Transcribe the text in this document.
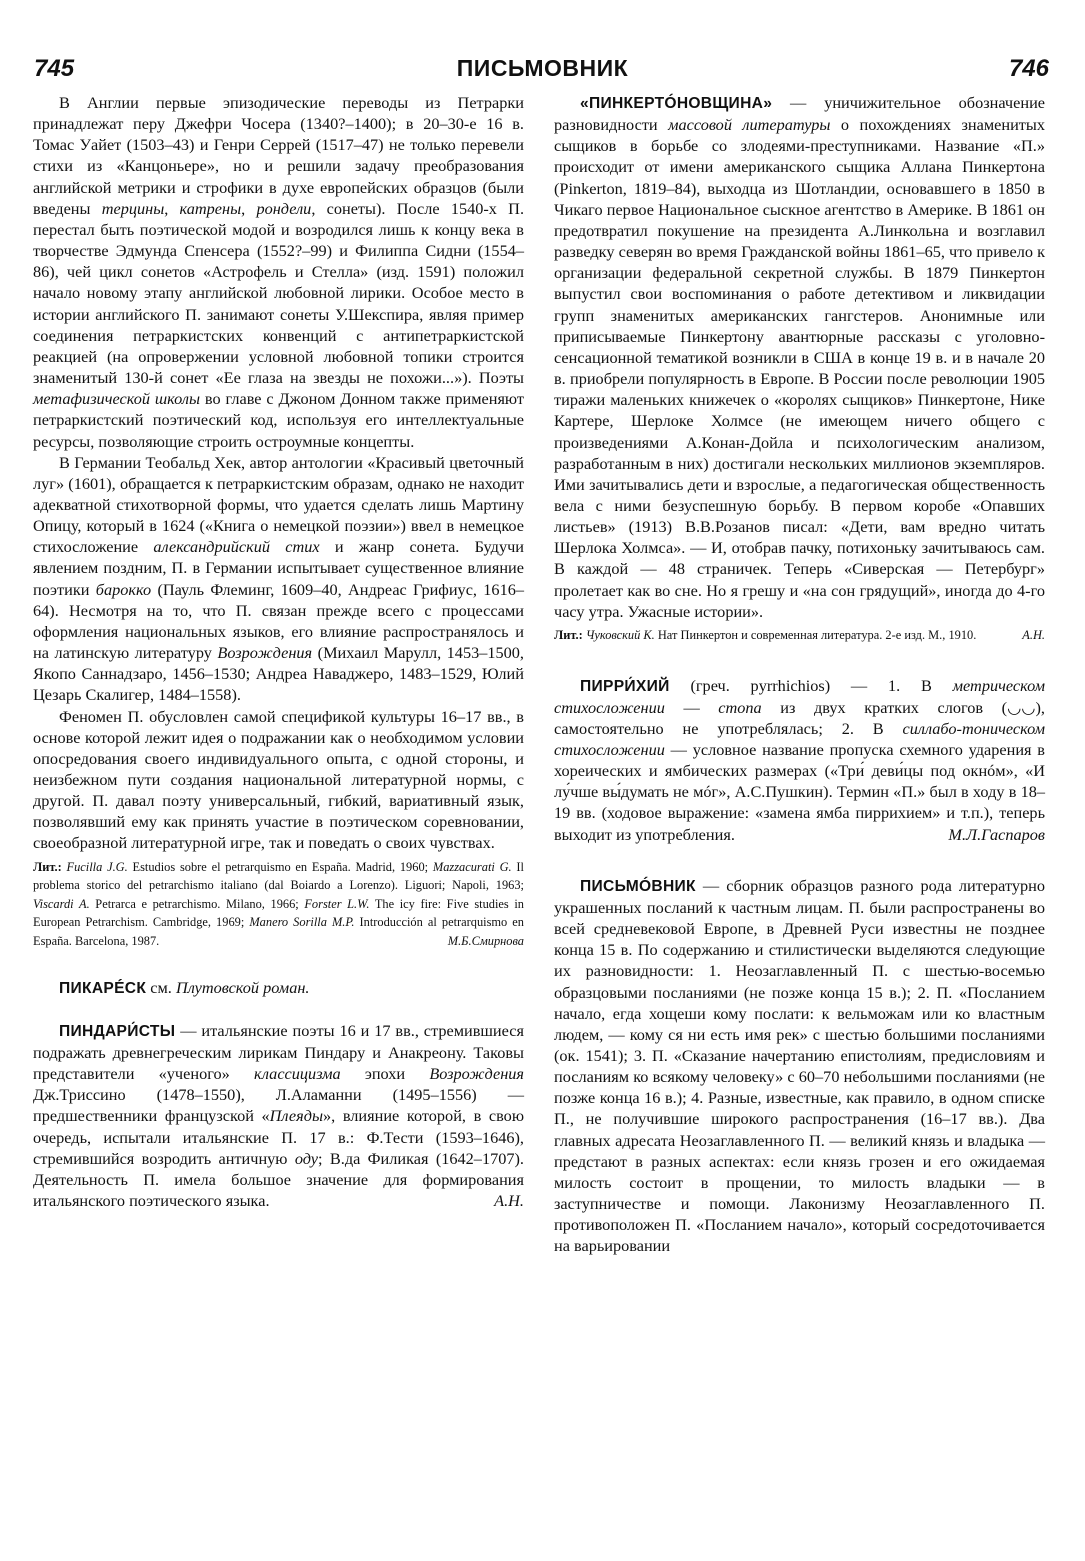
745	ПИСЬМОВНИК	746

В Англии первые эпизодические переводы из Петрарки принадлежат перу Джефри Чосера (1340?–1400); в 20–30-е 16 в. Томас Уайет (1503–43) и Генри Серрей (1517–47) не только перевели стихи из «Канцоньере», но и решили задачу преобразования английской метрики и строфики в духе европейских образцов (были введены терцины, катрены, рондели, сонеты). После 1540-х П. перестал быть поэтической модой и возродился лишь к концу века в творчестве Эдмунда Спенсера (1552?–99) и Филиппа Сидни (1554–86), чей цикл сонетов «Астрофель и Стелла» (изд. 1591) положил начало новому этапу английской любовной лирики. Особое место в истории английского П. занимают сонеты У.Шекспира, являя пример соединения петраркистских конвенций с антипетраркистской реакцией (на опровержении условной любовной топики строится знаменитый 130-й сонет «Ее глаза на звезды не похожи...»). Поэты метафизической школы во главе с Джоном Донном также применяют петраркистский поэтический код, используя его интеллектуальные ресурсы, позволяющие строить остроумные концепты.

В Германии Теобальд Хек, автор антологии «Красивый цветочный луг» (1601), обращается к петраркистским образам, однако не находит адекватной стихотворной формы, что удается сделать лишь Мартину Опицу, который в 1624 («Книга о немецкой поэзии») ввел в немецкое стихосложение александрийский стих и жанр сонета. Будучи явлением поздним, П. в Германии испытывает существенное влияние поэтики барокко (Пауль Флеминг, 1609–40, Андреас Грифиус, 1616–64). Несмотря на то, что П. связан прежде всего с процессами оформления национальных языков, его влияние распространялось и на латинскую литературу Возрождения (Михаил Марулл, 1453–1500, Якопо Саннадзаро, 1456–1530; Андреа Наваджеро, 1483–1529, Юлий Цезарь Скалигер, 1484–1558).

Феномен П. обусловлен самой спецификой культуры 16–17 вв., в основе которой лежит идея о подражании как о необходимом условии опосредования своего индивидуального опыта, с одной стороны, и неизбежном пути создания национальной литературной нормы, с другой. П. давал поэту универсальный, гибкий, вариативный язык, позволявший ему как принять участие в поэтическом соревновании, своеобразной литературной игре, так и поведать о своих чувствах.

Лит.: Fucilla J.G. Estudios sobre el petrarquismo en España. Madrid, 1960; Mazzacurati G. Il problema storico del petrarchismo italiano (dal Boiardo a Lorenzo). Liguori; Napoli, 1963; Viscardi A. Petrarca e petrarchismo. Milano, 1966; Forster L.W. The icy fire: Five studies in European Petrarchism. Cambridge, 1969; Manero Sorilla M.P. Introducción al petrarquismo en España. Barcelona, 1987.	М.Б.Смирнова

ПИКАРÉСК см. Плутовской роман.

ПИНДАРИ́СТЫ — итальянские поэты 16 и 17 вв., стремившиеся подражать древнегреческим лирикам Пиндару и Анакреону. Таковы представители «ученого» классицизма эпохи Возрождения Дж.Триссино (1478–1550), Л.Аламанни (1495–1556) — предшественники французской «Плеяды», влияние которой, в свою очередь, испытали итальянские П. 17 в.: Ф.Тести (1593–1646), стремившийся возродить античную оду; В.да Филикая (1642–1707). Деятельность П. имела большое значение для формирования итальянского поэтического языка.	А.Н.

«ПИНКЕРТÓНОВЩИНА» — уничижительное обозначение разновидности массовой литературы о похождениях знаменитых сыщиков в борьбе со злодеями-преступниками. Название «П.» происходит от имени американского сыщика Аллана Пинкертона (Pinkerton, 1819–84), выходца из Шотландии, основавшего в 1850 в Чикаго первое Национальное сыскное агентство в Америке. В 1861 он предотвратил покушение на президента А.Линкольна и возглавил разведку северян во время Гражданской войны 1861–65, что привело к организации федеральной секретной службы. В 1879 Пинкертон выпустил свои воспоминания о работе детективом и ликвидации групп знаменитых американских гангстеров. Анонимные или приписываемые Пинкертону авантюрные рассказы с уголовно-сенсационной тематикой возникли в США в конце 19 в. и в начале 20 в. приобрели популярность в Европе. В России после революции 1905 тиражи маленьких книжечек о «королях сыщиков» Пинкертоне, Нике Картере, Шерлоке Холмсе (не имеющем ничего общего с произведениями А.Конан-Дойла и психологическим анализом, разработанным в них) достигали нескольких миллионов экземпляров. Ими зачитывались дети и взрослые, а педагогическая общественность вела с ними безуспешную борьбу. В первом коробе «Опавших листьев» (1913) В.В.Розанов писал: «Дети, вам вредно читать Шерлока Холмса». — И, отобрав пачку, потихоньку зачитываюсь сам. В каждой — 48 страничек. Теперь «Сиверская — Петербург» пролетает как во сне. Но я грешу и «на сон грядущий», иногда до 4-го часу утра. Ужасные истории».

Лит.: Чуковский К. Нат Пинкертон и современная литература. 2-е изд. М., 1910.	А.Н.

ПИРРИ́ХИЙ (греч. pyrrhichios) — 1. В метрическом стихосложении — стопа из двух кратких слогов (◡◡), самостоятельно не употреблялась; 2. В силлабо-тоническом стихосложении — условное название пропуска схемного ударения в хореических и ямбических размерах («Три́ деви́цы под окнóм», «И лу́чше вы́думать не мóг», А.С.Пушкин). Термин «П.» был в ходу в 18–19 вв. (ходовое выражение: «замена ямба пиррихием» и т.п.), теперь выходит из употребления.	М.Л.Гаспаров

ПИСЬМÓВНИК — сборник образцов разного рода литературно украшенных посланий к частным лицам. П. были распространены во всей средневековой Европе, в Древней Руси известны не позднее конца 15 в. По содержанию и стилистически выделяются следующие их разновидности: 1. Неозаглавленный П. с шестью-восемью образцовыми посланиями (не позже конца 15 в.); 2. П. «Посланием начало, егда хощеши кому послати: к вельможам или ко властным людем, — кому ся ни есть имя рек» с шестью большими посланиями (ок. 1541); 3. П. «Сказание начертанию епистолиям, предисловиям и посланиям ко всякому человеку» с 60–70 небольшими посланиями (не позже конца 16 в.); 4. Разные, известные, как правило, в одном списке П., не получившие широкого распространения (16–17 вв.). Два главных адресата Неозаглавленного П. — великий князь и владыка — предстают в разных аспектах: если князь грозен и его ожидаемая милость состоит в прощении, то милость владыки — в заступничестве и помощи. Лаконизму Неозаглавленного П. противоположен П. «Посланием начало», который сосредоточивается на варьировании
